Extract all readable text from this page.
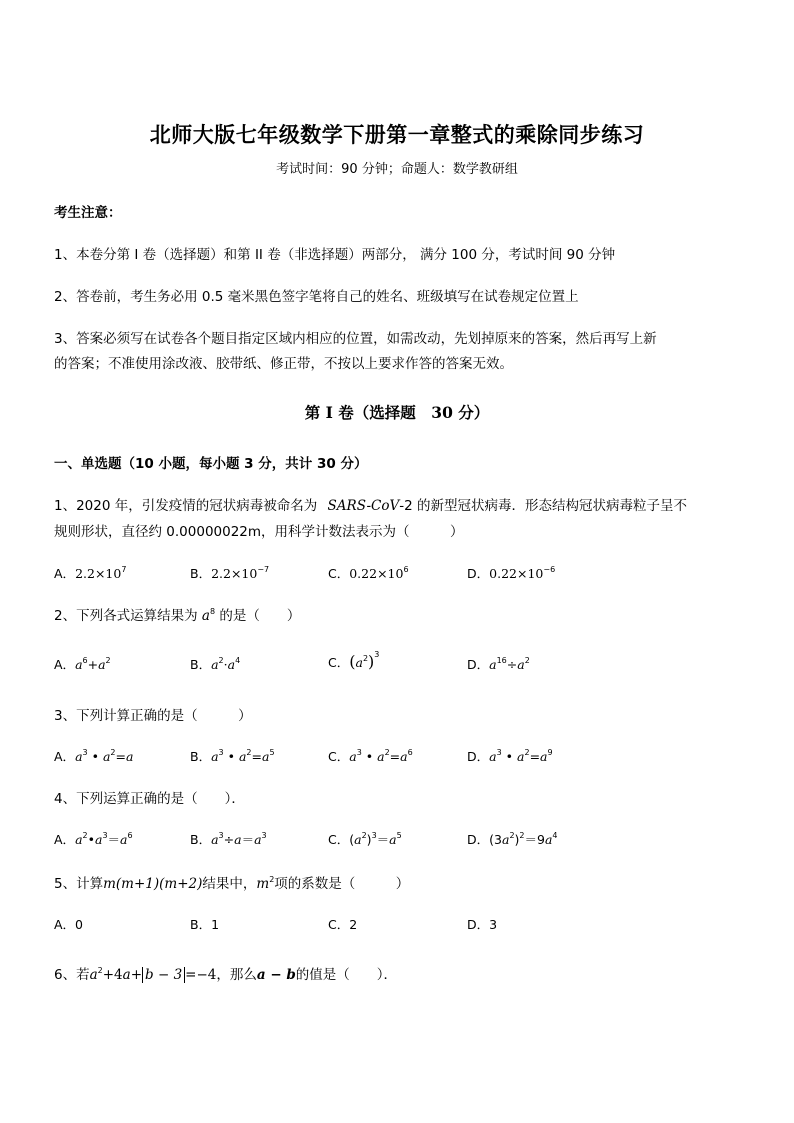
北师大版七年级数学下册第一章整式的乘除同步练习
考试时间：90 分钟；命题人：数学教研组
考生注意：
1、本卷分第 I 卷（选择题）和第 II 卷（非选择题）两部分， 满分 100 分，考试时间 90 分钟
2、答卷前，考生务必用 0.5 毫米黑色签字笔将自己的姓名、班级填写在试卷规定位置上
3、答案必须写在试卷各个题目指定区域内相应的位置，如需改动，先划掉原来的答案，然后再写上新
的答案；不准使用涂改液、胶带纸、修正带，不按以上要求作答的答案无效。
第 I 卷（选择题　30 分）
一、单选题（10 小题，每小题 3 分，共计 30 分）
1、2020 年，引发疫情的冠状病毒被命名为 SARS-CoV-2 的新型冠状病毒．形态结构冠状病毒粒子呈不
规则形状，直径约 0.00000022m，用科学计数法表示为（　　　）
A．$2.2\times 10^7$	B．$2.2\times 10^{-7}$	C．$0.22\times 10^6$	D．$0.22\times 10^{-6}$
2、下列各式运算结果为 $a^8$ 的是（　　）
A．$a^6+a^2$	B．$a^2\cdot a^4$	C．$(a^2)^3$
D．$a^{16}\div a^2$
3、下列计算正确的是（　　　）
A．$a^3$ • $a^2=a$	B．$a^3$ • $a^2=a^5$	C．$a^3$ • $a^2=a^6$	D．$a^3$ • $a^2=a^9$
4、下列运算正确的是（　　）．
A．$a^2•a^3=a^6$	B．$a^3\div a=a^3$	C．$(a^2)^3=a^5$	D．$(3a^2)^2=9a^4$
5、计算m(m+1)(m+2)结果中，$m^2$项的系数是（　　　）
A．0	B．1	C．2	D．3
6、若$a^2+4a+ b - 3 =-4$，那么a − b的值是（　　）．
